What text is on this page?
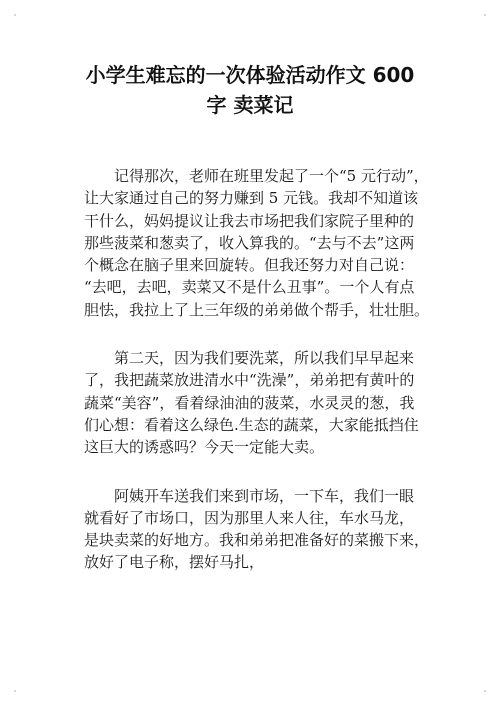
小学生难忘的一次体验活动作文 600
字 卖菜记

　　记得那次，老师在班里发起了一个“5 元行动”，
让大家通过自己的努力赚到 5 元钱。我却不知道该
干什么，妈妈提议让我去市场把我们家院子里种的
那些菠菜和葱卖了，收入算我的。“去与不去”这两
个概念在脑子里来回旋转。但我还努力对自己说：
“去吧，去吧，卖菜又不是什么丑事”。一个人有点
胆怯，我拉上了上三年级的弟弟做个帮手，壮壮胆。

　　第二天，因为我们要洗菜，所以我们早早起来
了，我把蔬菜放进清水中“洗澡”，弟弟把有黄叶的
蔬菜“美容”，看着绿油油的菠菜，水灵灵的葱，我
们心想：看着这么绿色.生态的蔬菜，大家能抵挡住
这巨大的诱惑吗？今天一定能大卖。

　　阿姨开车送我们来到市场，一下车，我们一眼
就看好了市场口，因为那里人来人往，车水马龙，
是块卖菜的好地方。我和弟弟把准备好的菜搬下来，
放好了电子称，摆好马扎，
